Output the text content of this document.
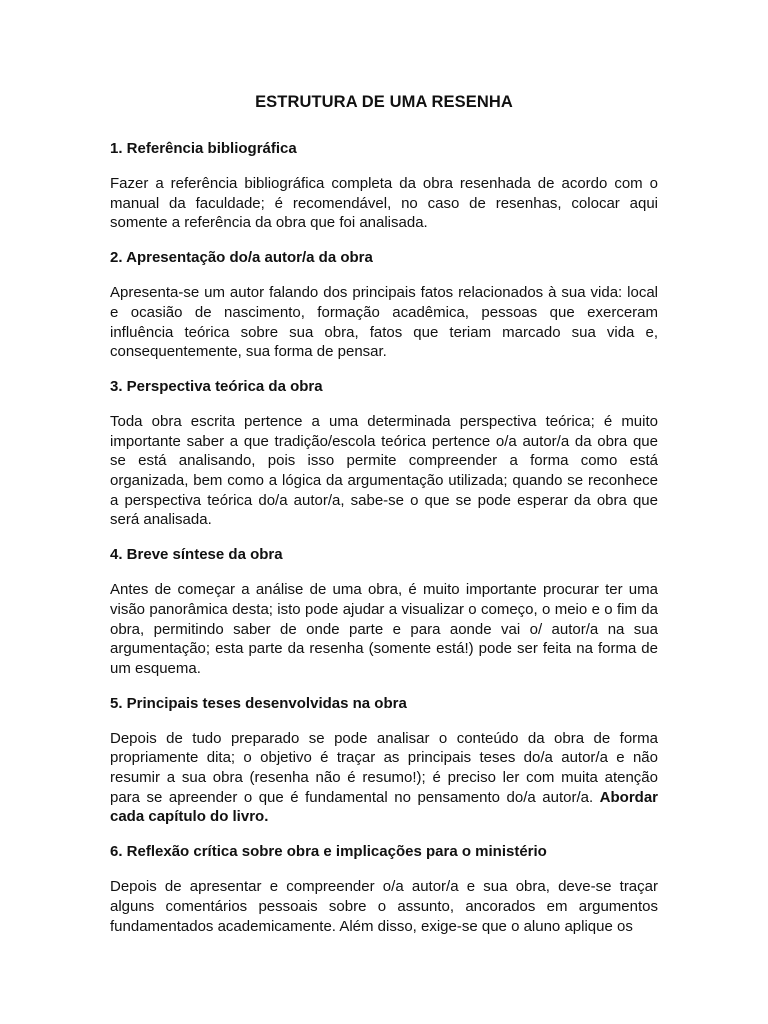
ESTRUTURA DE UMA RESENHA
1. Referência bibliográfica

Fazer a referência bibliográfica completa da obra resenhada de acordo com o manual da faculdade; é recomendável, no caso de resenhas, colocar aqui somente a referência da obra que foi analisada.

2. Apresentação do/a autor/a da obra

Apresenta-se um autor falando dos principais fatos relacionados à sua vida: local e ocasião de nascimento, formação acadêmica, pessoas que exerceram influência teórica sobre sua obra, fatos que teriam marcado sua vida e, consequentemente, sua forma de pensar.

3. Perspectiva teórica da obra

Toda obra escrita pertence a uma determinada perspectiva teórica; é muito importante saber a que tradição/escola teórica pertence o/a autor/a da obra que se está analisando, pois isso permite compreender a forma como está organizada, bem como a lógica da argumentação utilizada; quando se reconhece a perspectiva teórica do/a autor/a, sabe-se o que se pode esperar da obra que será analisada.

4. Breve síntese da obra

Antes de começar a análise de uma obra, é muito importante procurar ter uma visão panorâmica desta; isto pode ajudar a visualizar o começo, o meio e o fim da obra, permitindo saber de onde parte e para aonde vai o/ autor/a na sua argumentação; esta parte da resenha (somente está!) pode ser feita na forma de um esquema.

5. Principais teses desenvolvidas na obra

Depois de tudo preparado se pode analisar o conteúdo da obra de forma propriamente dita; o objetivo é traçar as principais teses do/a autor/a e não resumir a sua obra (resenha não é resumo!); é preciso ler com muita atenção para se apreender o que é fundamental no pensamento do/a autor/a. Abordar cada capítulo do livro.

6. Reflexão crítica sobre obra e implicações para o ministério

Depois de apresentar e compreender o/a autor/a e sua obra, deve-se traçar alguns comentários pessoais sobre o assunto, ancorados em argumentos fundamentados academicamente. Além disso, exige-se que o aluno aplique os
